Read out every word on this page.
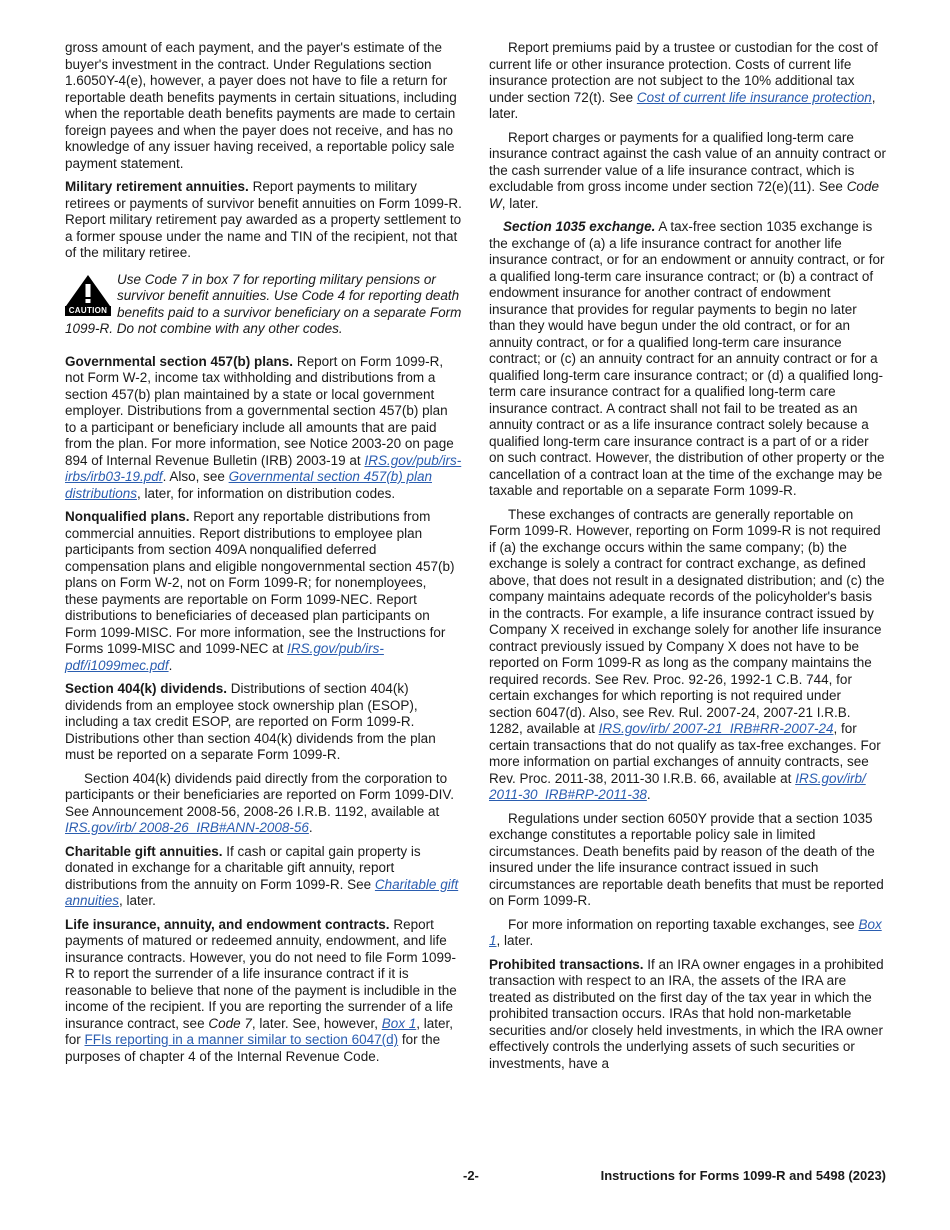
gross amount of each payment, and the payer's estimate of the buyer's investment in the contract. Under Regulations section 1.6050Y-4(e), however, a payer does not have to file a return for reportable death benefits payments in certain situations, including when the reportable death benefits payments are made to certain foreign payees and when the payer does not receive, and has no knowledge of any issuer having received, a reportable policy sale payment statement.

Military retirement annuities. Report payments to military retirees or payments of survivor benefit annuities on Form 1099-R. Report military retirement pay awarded as a property settlement to a former spouse under the name and TIN of the recipient, not that of the military retiree.

CAUTION
Use Code 7 in box 7 for reporting military pensions or survivor benefit annuities. Use Code 4 for reporting death benefits paid to a survivor beneficiary on a separate Form 1099-R. Do not combine with any other codes.

Governmental section 457(b) plans. Report on Form 1099-R, not Form W-2, income tax withholding and distributions from a section 457(b) plan maintained by a state or local government employer. Distributions from a governmental section 457(b) plan to a participant or beneficiary include all amounts that are paid from the plan. For more information, see Notice 2003-20 on page 894 of Internal Revenue Bulletin (IRB) 2003-19 at IRS.gov/pub/irs-irbs/irb03-19.pdf. Also, see Governmental section 457(b) plan distributions, later, for information on distribution codes.

Nonqualified plans. Report any reportable distributions from commercial annuities. Report distributions to employee plan participants from section 409A nonqualified deferred compensation plans and eligible nongovernmental section 457(b) plans on Form W-2, not on Form 1099-R; for nonemployees, these payments are reportable on Form 1099-NEC. Report distributions to beneficiaries of deceased plan participants on Form 1099-MISC. For more information, see the Instructions for Forms 1099-MISC and 1099-NEC at IRS.gov/pub/irs-pdf/i1099mec.pdf.

Section 404(k) dividends. Distributions of section 404(k) dividends from an employee stock ownership plan (ESOP), including a tax credit ESOP, are reported on Form 1099-R. Distributions other than section 404(k) dividends from the plan must be reported on a separate Form 1099-R.

Section 404(k) dividends paid directly from the corporation to participants or their beneficiaries are reported on Form 1099-DIV. See Announcement 2008-56, 2008-26 I.R.B. 1192, available at IRS.gov/irb/ 2008-26_IRB#ANN-2008-56.

Charitable gift annuities. If cash or capital gain property is donated in exchange for a charitable gift annuity, report distributions from the annuity on Form 1099-R. See Charitable gift annuities, later.

Life insurance, annuity, and endowment contracts. Report payments of matured or redeemed annuity, endowment, and life insurance contracts. However, you do not need to file Form 1099-R to report the surrender of a life insurance contract if it is reasonable to believe that none of the payment is includible in the income of the recipient. If you are reporting the surrender of a life insurance contract, see Code 7, later. See, however, Box 1, later, for FFIs reporting in a manner similar to section 6047(d) for the purposes of chapter 4 of the Internal Revenue Code.

Report premiums paid by a trustee or custodian for the cost of current life or other insurance protection. Costs of current life insurance protection are not subject to the 10% additional tax under section 72(t). See Cost of current life insurance protection, later.

Report charges or payments for a qualified long-term care insurance contract against the cash value of an annuity contract or the cash surrender value of a life insurance contract, which is excludable from gross income under section 72(e)(11). See Code W, later.

Section 1035 exchange. A tax-free section 1035 exchange is the exchange of (a) a life insurance contract for another life insurance contract, or for an endowment or annuity contract, or for a qualified long-term care insurance contract; or (b) a contract of endowment insurance for another contract of endowment insurance that provides for regular payments to begin no later than they would have begun under the old contract, or for an annuity contract, or for a qualified long-term care insurance contract; or (c) an annuity contract for an annuity contract or for a qualified long-term care insurance contract; or (d) a qualified long-term care insurance contract for a qualified long-term care insurance contract. A contract shall not fail to be treated as an annuity contract or as a life insurance contract solely because a qualified long-term care insurance contract is a part of or a rider on such contract. However, the distribution of other property or the cancellation of a contract loan at the time of the exchange may be taxable and reportable on a separate Form 1099-R.

These exchanges of contracts are generally reportable on Form 1099-R. However, reporting on Form 1099-R is not required if (a) the exchange occurs within the same company; (b) the exchange is solely a contract for contract exchange, as defined above, that does not result in a designated distribution; and (c) the company maintains adequate records of the policyholder's basis in the contracts. For example, a life insurance contract issued by Company X received in exchange solely for another life insurance contract previously issued by Company X does not have to be reported on Form 1099-R as long as the company maintains the required records. See Rev. Proc. 92-26, 1992-1 C.B. 744, for certain exchanges for which reporting is not required under section 6047(d). Also, see Rev. Rul. 2007-24, 2007-21 I.R.B. 1282, available at IRS.gov/irb/ 2007-21_IRB#RR-2007-24, for certain transactions that do not qualify as tax-free exchanges. For more information on partial exchanges of annuity contracts, see Rev. Proc. 2011-38, 2011-30 I.R.B. 66, available at IRS.gov/irb/ 2011-30_IRB#RP-2011-38.

Regulations under section 6050Y provide that a section 1035 exchange constitutes a reportable policy sale in limited circumstances. Death benefits paid by reason of the death of the insured under the life insurance contract issued in such circumstances are reportable death benefits that must be reported on Form 1099-R.

For more information on reporting taxable exchanges, see Box 1, later.

Prohibited transactions. If an IRA owner engages in a prohibited transaction with respect to an IRA, the assets of the IRA are treated as distributed on the first day of the tax year in which the prohibited transaction occurs. IRAs that hold non-marketable securities and/or closely held investments, in which the IRA owner effectively controls the underlying assets of such securities or investments, have a

-2-	Instructions for Forms 1099-R and 5498 (2023)
